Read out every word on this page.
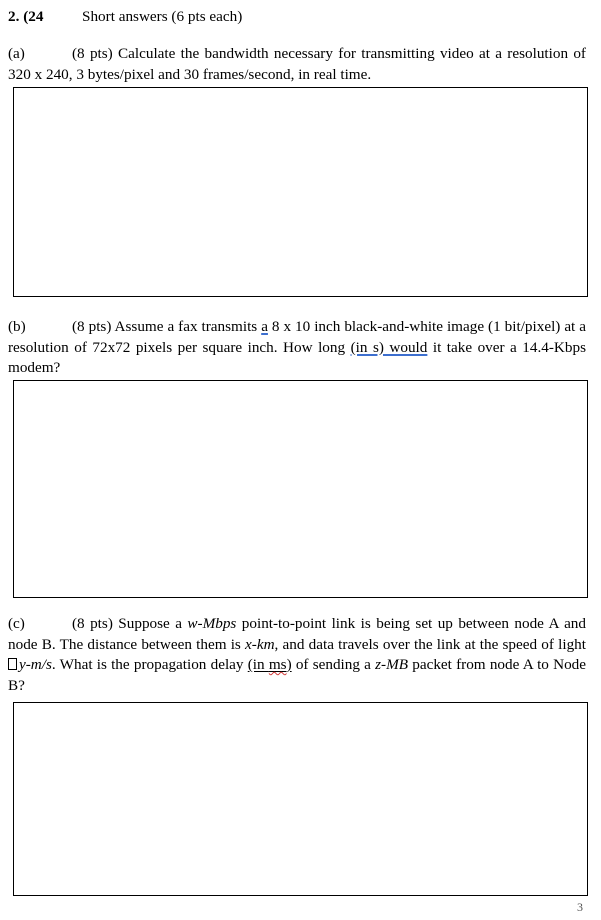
2. (24	Short answers (6 pts each)
(a)	(8 pts) Calculate the bandwidth necessary for transmitting video at a resolution of 320 x 240, 3 bytes/pixel and 30 frames/second, in real time.
(b)	(8 pts) Assume a fax transmits a 8 x 10 inch black-and-white image (1 bit/pixel) at a resolution of 72x72 pixels per square inch. How long (in s) would it take over a 14.4-Kbps modem?
(c)	(8 pts) Suppose a w-Mbps point-to-point link is being set up between node A and node B. The distance between them is x-km, and data travels over the link at the speed of light y-m/s. What is the propagation delay (in ms) of sending a z-MB packet from node A to Node B?
3
